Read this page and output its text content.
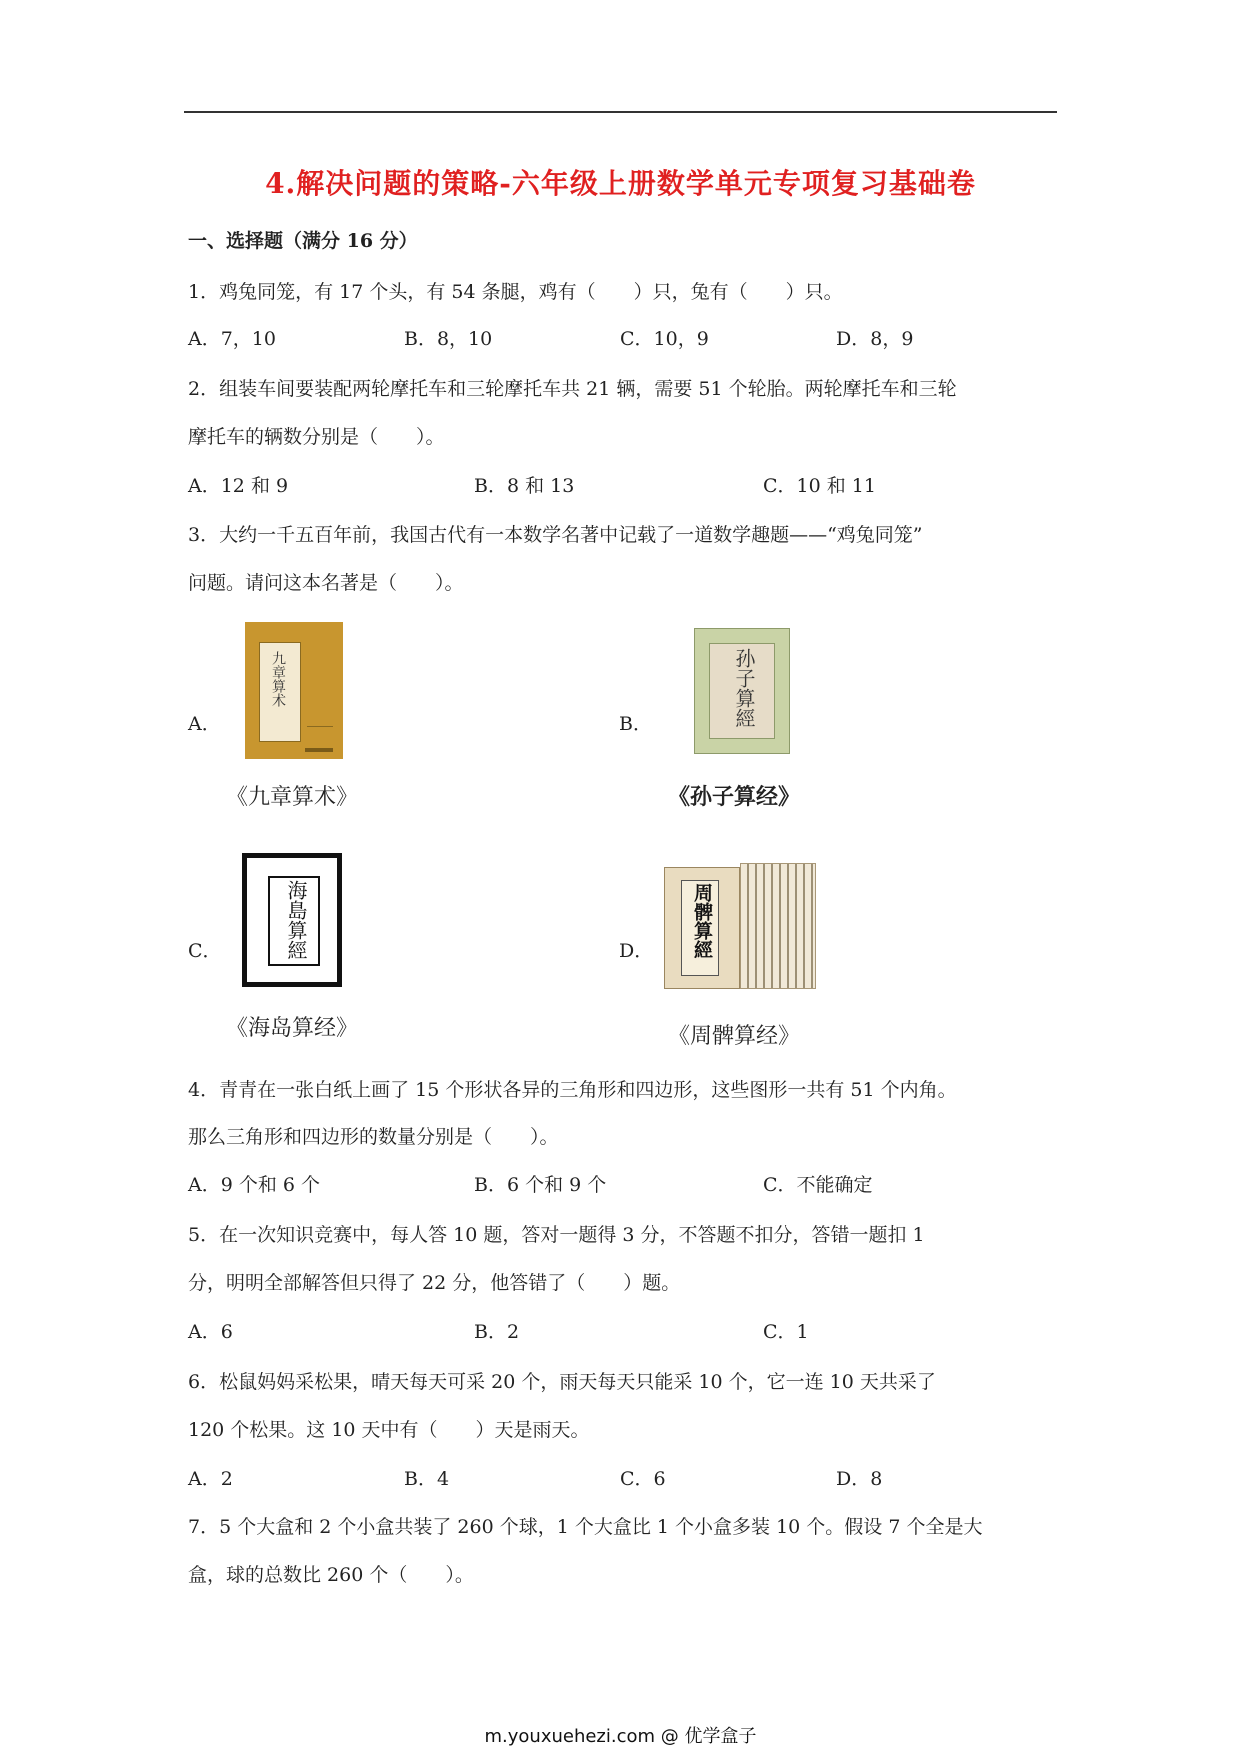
4.解决问题的策略-六年级上册数学单元专项复习基础卷
一、选择题（满分 16 分）
1．鸡兔同笼，有 17 个头，有 54 条腿，鸡有（　　）只，兔有（　　）只。
A．7，10	B．8，10	C．10，9	D．8，9
2．组装车间要装配两轮摩托车和三轮摩托车共 21 辆，需要 51 个轮胎。两轮摩托车和三轮
摩托车的辆数分别是（　　）。
A．12 和 9	B．8 和 13	C．10 和 11
3．大约一千五百年前，我国古代有一本数学名著中记载了一道数学趣题——“鸡兔同笼”
问题。请问这本名著是（　　）。
A．
九章算术
《九章算术》
B．	孙子算經
《孙子算经》
C．	海島算經
《海岛算经》
D． 周髀算經
《周髀算经》
4．青青在一张白纸上画了 15 个形状各异的三角形和四边形，这些图形一共有 51 个内角。
那么三角形和四边形的数量分别是（　　）。
A．9 个和 6 个	B．6 个和 9 个	C．不能确定
5．在一次知识竞赛中，每人答 10 题，答对一题得 3 分，不答题不扣分，答错一题扣 1
分，明明全部解答但只得了 22 分，他答错了（　　）题。
A．6	B．2	C．1
6．松鼠妈妈采松果，晴天每天可采 20 个，雨天每天只能采 10 个，它一连 10 天共采了
120 个松果。这 10 天中有（　　）天是雨天。
A．2	B．4	C．6	D．8
7．5 个大盒和 2 个小盒共装了 260 个球，1 个大盒比 1 个小盒多装 10 个。假设 7 个全是大
盒，球的总数比 260 个（　　）。
m.youxuehezi.com @ 优学盒子
